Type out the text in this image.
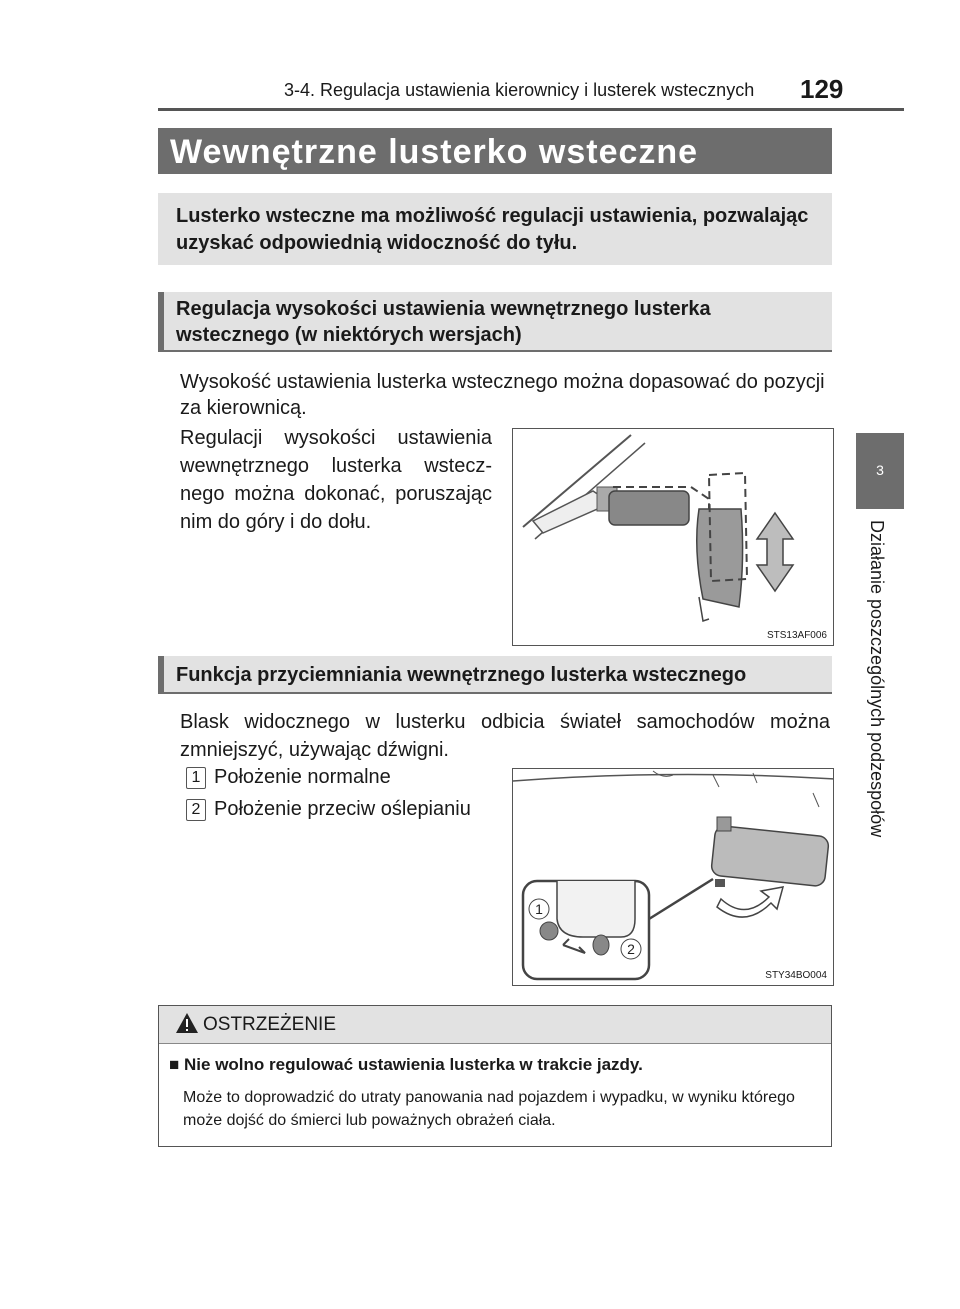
3-4. Regulacja ustawienia kierownicy i lusterek wstecznych 129
Wewnętrzne lusterko wsteczne
Lusterko wsteczne ma możliwość regulacji ustawienia, pozwalając uzyskać odpowiednią widoczność do tyłu.
Regulacja wysokości ustawienia wewnętrznego lusterka wstecznego (w niektórych wersjach)
Wysokość ustawienia lusterka wstecznego można dopasować do pozycji za kierownicą.
Regulacji wysokości ustawienia wewnętrznego lusterka wstecz-nego można dokonać, poruszając nim do góry i do dołu.
STS13AF006
Funkcja przyciemniania wewnętrznego lusterka wstecznego
Blask widocznego w lusterku odbicia świateł samochodów można zmniejszyć, używając dźwigni.
1 Położenie normalne
2 Położenie przeciw oślepianiu
1
2
STY34BO004
3
Działanie poszczególnych podzespołów
OSTRZEŻENIE
■ Nie wolno regulować ustawienia lusterka w trakcie jazdy.
Może to doprowadzić do utraty panowania nad pojazdem i wypadku, w wyniku którego może dojść do śmierci lub poważnych obrażeń ciała.
